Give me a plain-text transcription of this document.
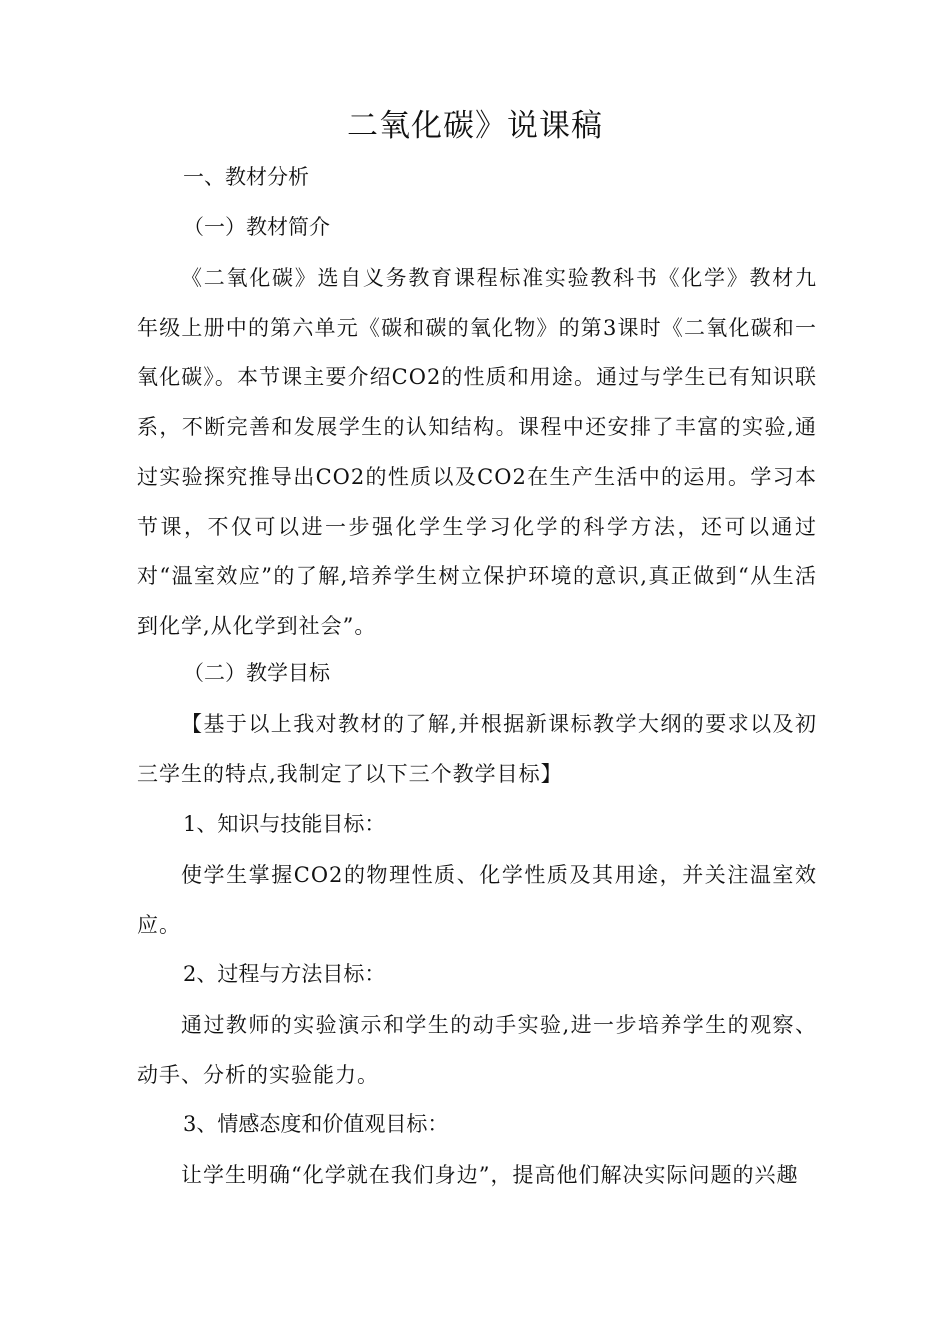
二氧化碳》说课稿
一、教材分析
（一）教材简介

《二氧化碳》选自义务教育课程标准实验教科书《化学》教材九年级上册中的第六单元《碳和碳的氧化物》的第3课时《二氧化碳和一氧化碳》。本节课主要介绍CO2的性质和用途。通过与学生已有知识联系，不断完善和发展学生的认知结构。课程中还安排了丰富的实验,通过实验探究推导出CO2的性质以及CO2在生产生活中的运用。学习本节课，不仅可以进一步强化学生学习化学的科学方法，还可以通过对“温室效应”的了解,培养学生树立保护环境的意识,真正做到“从生活到化学,从化学到社会”。

（二）教学目标

【基于以上我对教材的了解,并根据新课标教学大纲的要求以及初三学生的特点,我制定了以下三个教学目标】

1、知识与技能目标：

使学生掌握CO2的物理性质、化学性质及其用途，并关注温室效应。

2、过程与方法目标：

通过教师的实验演示和学生的动手实验,进一步培养学生的观察、动手、分析的实验能力。

3、情感态度和价值观目标：

让学生明确“化学就在我们身边”，提高他们解决实际问题的兴趣
